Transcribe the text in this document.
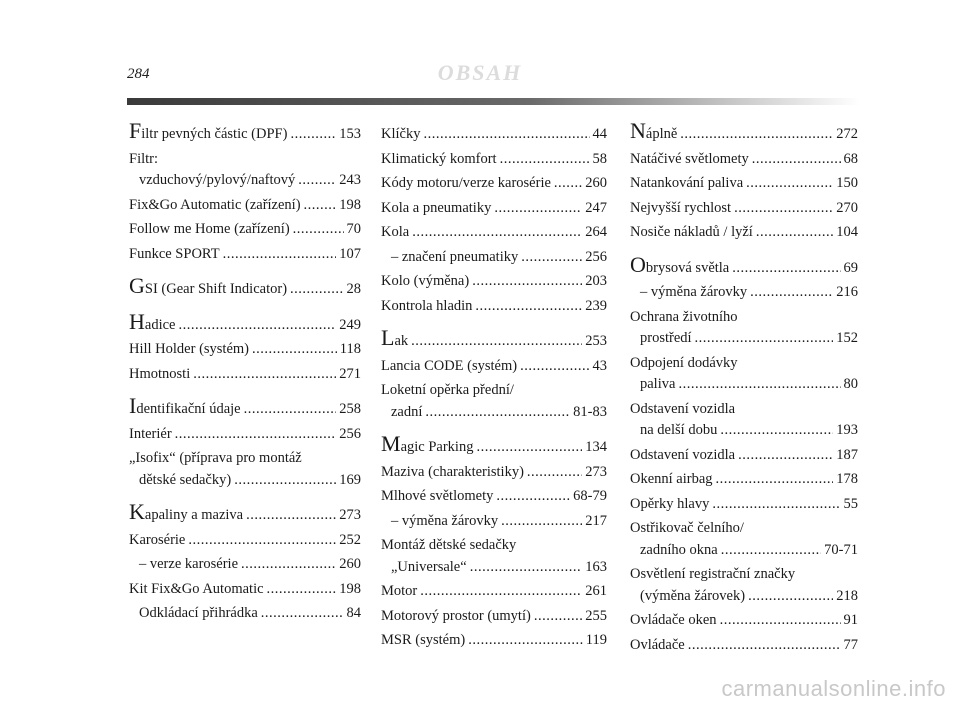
284	OBSAH
Filtr pevných částic (DPF) .....	153
Filtr:
vzduchový/pylový/naftový .....	243
Fix&Go Automatic (zařízení) .....	198
Follow me Home (zařízení) .....	70
Funkce SPORT .....	107
GSI (Gear Shift Indicator) .....	28
Hadice .....	249
Hill Holder (systém) .....	118
Hmotnosti .....	271
Identifikační údaje .....	258
Interiér .....	256
„Isofix“ (příprava pro montáž
dětské sedačky) .....	169
Kapaliny a maziva .....	273
Karosérie .....	252
– verze karosérie .....	260
Kit Fix&Go Automatic .....	198
Odkládací přihrádka .....	84
Klíčky .....	44
Klimatický komfort .....	58
Kódy motoru/verze karosérie ..... 260
Kola a pneumatiky .....	247
Kola .....	264
– značení pneumatiky .....	256
Kolo (výměna) .....	203
Kontrola hladin .....	239
Lak .....	253
Lancia CODE (systém) .....	43
Loketní opěrka přední/
zadní .....	81-83
Magic Parking .....	134
Maziva (charakteristiky) .....	273
Mlhové světlomety .....	68-79
– výměna žárovky .....	217
Montáž dětské sedačky
„Universale“ .....	163
Motor .....	261
Motorový prostor (umytí) .....	255
MSR (systém) .....	119
Náplně .....	272
Natáčivé světlomety .....	68
Natankování paliva .....	150
Nejvyšší rychlost .....	270
Nosiče nákladů / lyží .....	104
Obrysová světla .....	69
– výměna žárovky .....	216
Ochrana životního
prostředí .....	152
Odpojení dodávky
paliva .....	80
Odstavení vozidla
na delší dobu .....	193
Odstavení vozidla .....	187
Okenní airbag .....	178
Opěrky hlavy .....	55
Ostřikovač čelního/
zadního okna .....	70-71
Osvětlení registrační značky
(výměna žárovek) .....	218
Ovládače oken .....	91
Ovládače .....	77
carmanualsonline.info
